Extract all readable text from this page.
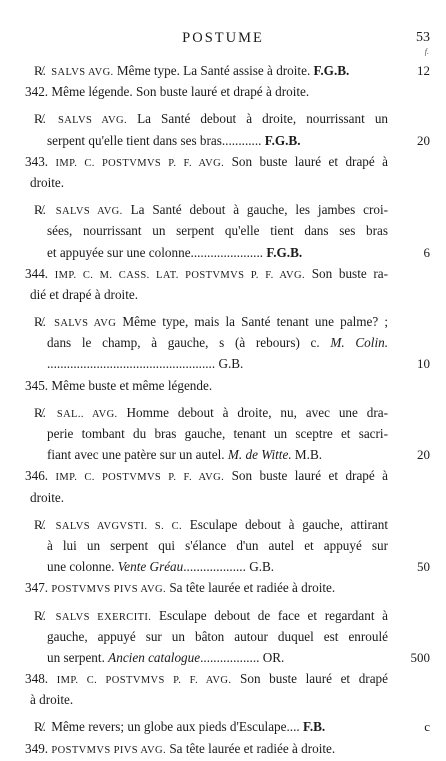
POSTUME	53
f.
R̸. SALVS AVG. Même type. La Santé assise à droite. F.G.B.	12
342. Même légende. Son buste lauré et drapé à droite.
R̸. SALVS AVG. La Santé debout à droite, nourrissant un
serpent qu'elle tient dans ses bras............ F.G.B.	20
343. IMP. C. POSTVMVS P. F. AVG. Son buste lauré et drapé à
droite.
R̸. SALVS AVG. La Santé debout à gauche, les jambes croi-
sées, nourrissant un serpent qu'elle tient dans ses bras
et appuyée sur une colonne...................... F.G.B.	6
344. IMP. C. M. CASS. LAT. POSTVMVS P. F. AVG. Son buste ra-
dié et drapé à droite.
R̸. SALVS AVG Même type, mais la Santé tenant une palme? ;
dans le champ, à gauche, s (à rebours) c. M. Colin.
................................................... G.B.	10
345. Même buste et même légende.
R̸. SAL.. AVG. Homme debout à droite, nu, avec une dra-
perie tombant du bras gauche, tenant un sceptre et sacri-
fiant avec une patère sur un autel. M. de Witte. M.B.	20
346. IMP. C. POSTVMVS P. F. AVG. Son buste lauré et drapé à
droite.
R̸. SALVS AVGVSTI. S. C. Esculape debout à gauche, attirant
à lui un serpent qui s'élance d'un autel et appuyé sur
une colonne. Vente Gréau................... G.B.	50
347. POSTVMVS PIVS AVG. Sa tête laurée et radiée à droite.
R̸. SALVS EXERCITI. Esculape debout de face et regardant à
gauche, appuyé sur un bâton autour duquel est enroulé
un serpent. Ancien catalogue.................. OR.	500
348. IMP. C. POSTVMVS P. F. AVG. Son buste lauré et drapé
à droite.
R̸. Même revers; un globe aux pieds d'Esculape.... F.B.	c
349. POSTVMVS PIVS AVG. Sa tête laurée et radiée à droite.
